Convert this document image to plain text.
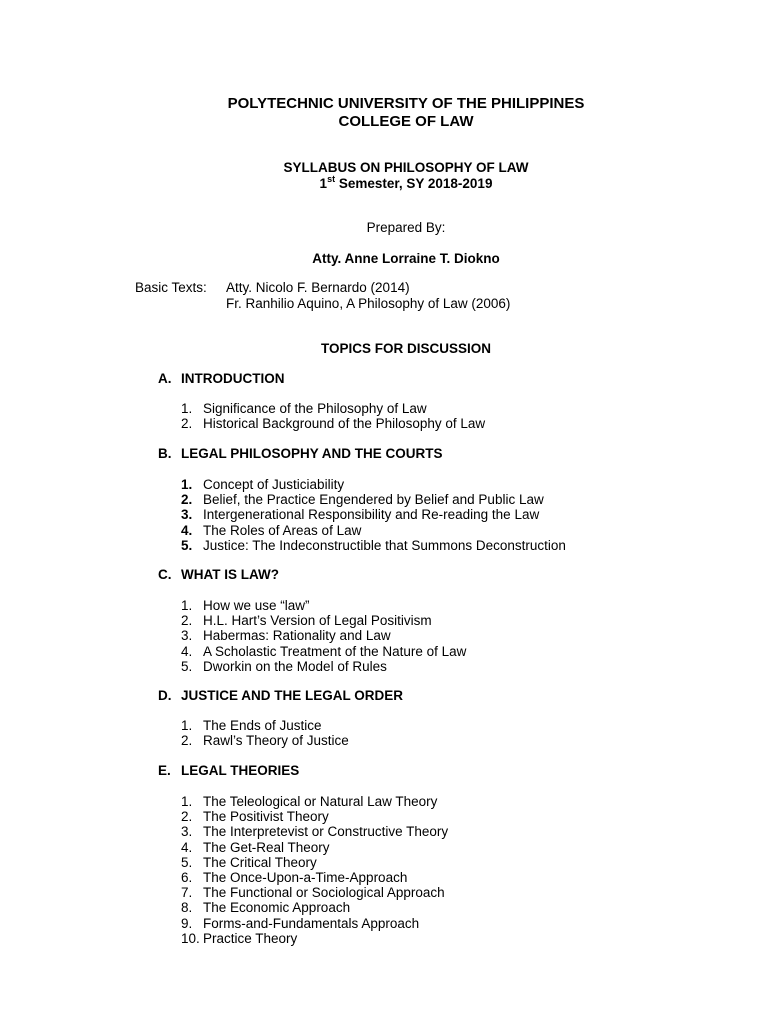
POLYTECHNIC UNIVERSITY OF THE PHILIPPINES
COLLEGE OF LAW
SYLLABUS ON PHILOSOPHY OF LAW
1st Semester, SY 2018-2019
Prepared By:
Atty. Anne Lorraine T. Diokno
Basic Texts: Atty. Nicolo F. Bernardo (2014)
Fr. Ranhilio Aquino, A Philosophy of Law (2006)
TOPICS FOR DISCUSSION
A. INTRODUCTION
1. Significance of the Philosophy of Law
2. Historical Background of the Philosophy of Law
B. LEGAL PHILOSOPHY AND THE COURTS
1. Concept of Justiciability
2. Belief, the Practice Engendered by Belief and Public Law
3. Intergenerational Responsibility and Re-reading the Law
4. The Roles of Areas of Law
5. Justice: The Indeconstructible that Summons Deconstruction
C. WHAT IS LAW?
1. How we use “law”
2. H.L. Hart’s Version of Legal Positivism
3. Habermas: Rationality and Law
4. A Scholastic Treatment of the Nature of Law
5. Dworkin on the Model of Rules
D. JUSTICE AND THE LEGAL ORDER
1. The Ends of Justice
2. Rawl’s Theory of Justice
E. LEGAL THEORIES
1. The Teleological or Natural Law Theory
2. The Positivist Theory
3. The Interpretevist or Constructive Theory
4. The Get-Real Theory
5. The Critical Theory
6. The Once-Upon-a-Time-Approach
7. The Functional or Sociological Approach
8. The Economic Approach
9. Forms-and-Fundamentals Approach
10. Practice Theory
